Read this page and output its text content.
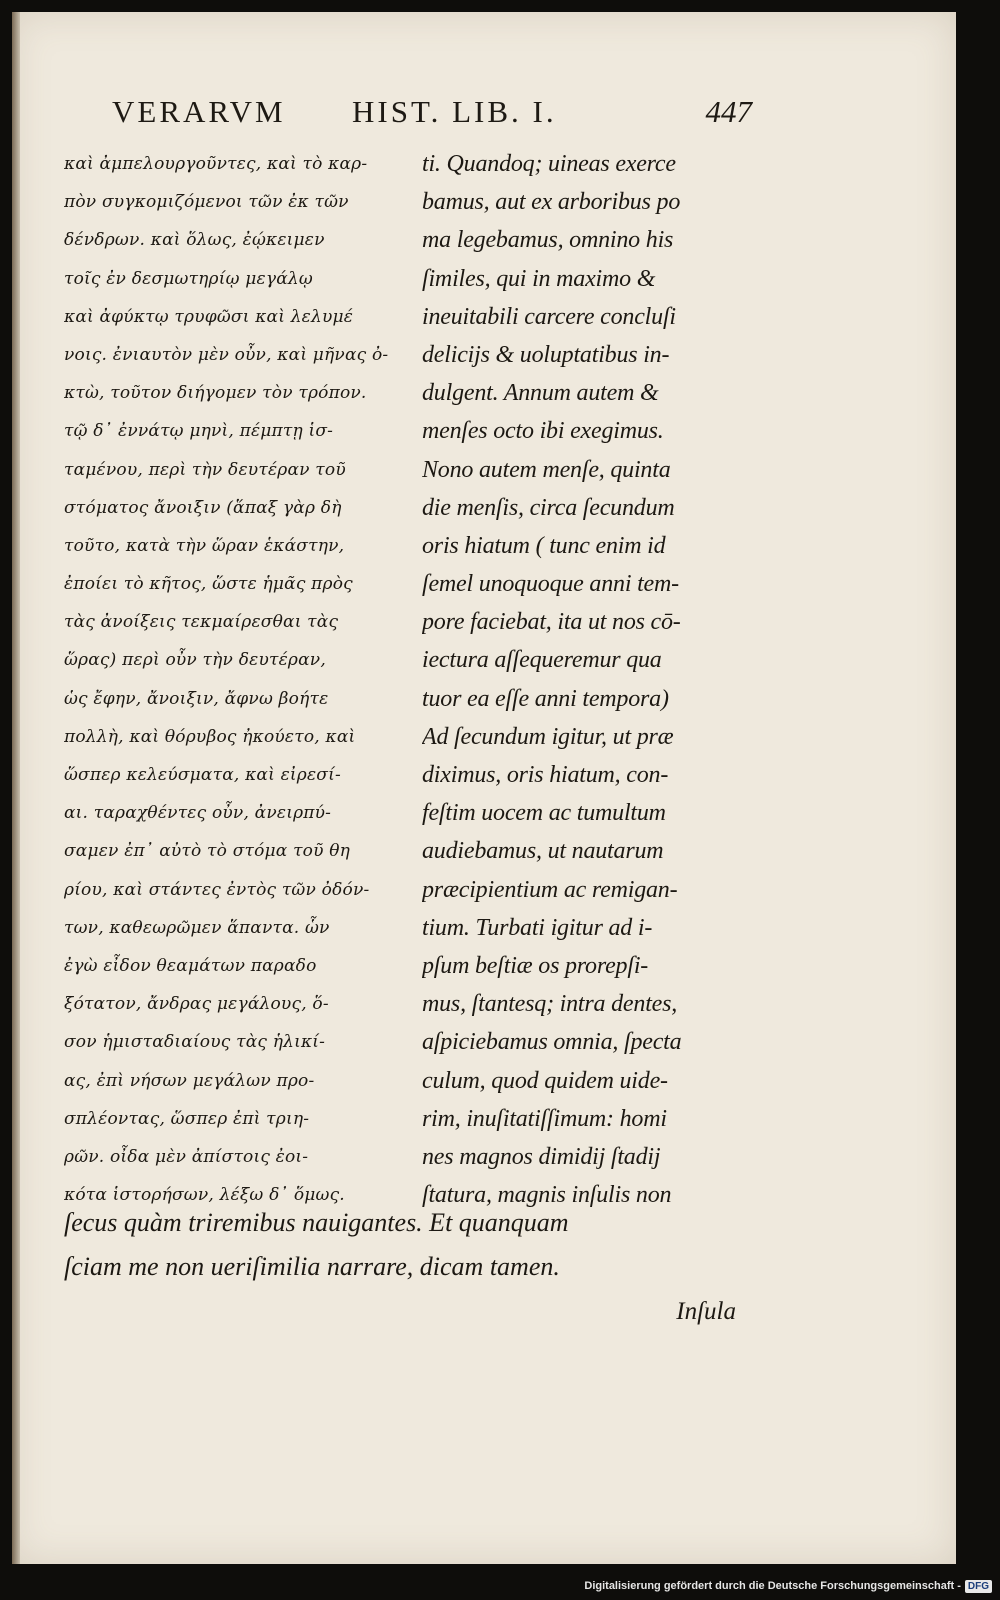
VERARVM HIST. LIB. I.	447
καὶ ἀμπελουργοῦντες, καὶ τὸ καρ-
πὸν συγκομιζόμενοι τῶν ἐκ τῶν
δένδρων. καὶ ὅλως, ἐῴκειμεν
τοῖς ἐν δεσμωτηρίῳ μεγάλῳ
καὶ ἀφύκτῳ τρυφῶσι καὶ λελυμέ
νοις. ἐνιαυτὸν μὲν οὖν, καὶ μῆνας ὀ-
κτὼ, τοῦτον διήγομεν τὸν τρόπον.
τῷ δ᾽ ἐννάτῳ μηνὶ, πέμπτῃ ἱσ-
ταμένου, περὶ τὴν δευτέραν τοῦ
στόματος ἄνοιξιν (ἅπαξ γὰρ δὴ
τοῦτο, κατὰ τὴν ὥραν ἑκάστην,
ἐποίει τὸ κῆτος, ὥστε ἡμᾶς πρὸς
τὰς ἀνοίξεις τεκμαίρεσθαι τὰς
ὥρας) περὶ οὖν τὴν δευτέραν,
ὡς ἔφην, ἄνοιξιν, ἄφνω βοήτε
πολλὴ, καὶ θόρυβος ἠκούετο, καὶ
ὥσπερ κελεύσματα, καὶ εἰρεσί-
αι. ταραχθέντες οὖν, ἀνειρπύ-
σαμεν ἐπ᾽ αὐτὸ τὸ στόμα τοῦ θη
ρίου, καὶ στάντες ἐντὸς τῶν ὀδόν-
των, καθεωρῶμεν ἅπαντα. ὧν
ἐγὼ εἶδον θεαμάτων παραδο
ξότατον, ἄνδρας μεγάλους, ὅ-
σον ἡμισταδιαίους τὰς ἡλικί-
ας, ἐπὶ νήσων μεγάλων προ-
σπλέοντας, ὥσπερ ἐπὶ τριη-
ρῶν. οἶδα μὲν ἀπίστοις ἐοι-
κότα ἱστορήσων, λέξω δ᾽ ὅμως.
ti. Quandoq; uineas exerce
bamus, aut ex arboribus po
ma legebamus, omnino his
ſimiles, qui in maximo &
ineuitabili carcere concluſi
delicijs & uoluptatibus in-
dulgent. Annum autem &
menſes octo ibi exegimus.
Nono autem menſe, quinta
die menſis, circa ſecundum
oris hiatum ( tunc enim id
ſemel unoquoque anni tem-
pore faciebat, ita ut nos cō-
iectura aſſequeremur qua
tuor ea eſſe anni tempora)
Ad ſecundum igitur, ut præ
diximus, oris hiatum, con-
feſtim uocem ac tumultum
audiebamus, ut nautarum
præcipientium ac remigan-
tium. Turbati igitur ad i-
pſum beſtiæ os prorepſi-
mus, ſtantesq; intra dentes,
aſpiciebamus omnia, ſpecta
culum, quod quidem uide-
rim, inuſitatiſſimum: homi
nes magnos dimidij ſtadij
ſtatura, magnis inſulis non
ſecus quàm triremibus nauigantes. Et quanquam
ſciam me non ueriſimilia narrare, dicam tamen.
Inſula
Digitalisierung gefördert durch die Deutsche Forschungsgemeinschaft - DFG
